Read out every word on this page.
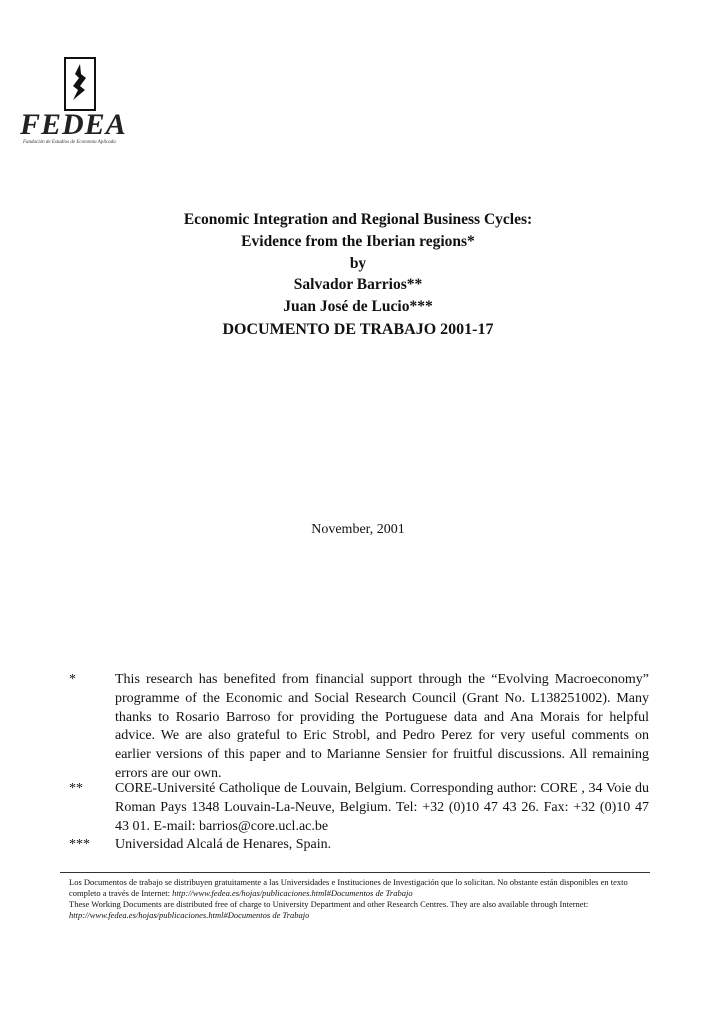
FEDEA
Fundación de Estudios de Economía Aplicada
Economic Integration and Regional Business Cycles:
Evidence from the Iberian regions*
by
Salvador Barrios**
Juan José de Lucio***
DOCUMENTO DE TRABAJO 2001-17
November, 2001
*	This research has benefited from financial support through the “Evolving Macroeconomy” programme of the Economic and Social Research Council (Grant No. L138251002). Many thanks to Rosario Barroso for providing the Portuguese data and Ana Morais for helpful advice. We are also grateful to Eric Strobl, and Pedro Perez for very useful comments on earlier versions of this paper and to Marianne Sensier for fruitful discussions. All remaining errors are our own.
** CORE-Université Catholique de Louvain, Belgium. Corresponding author: CORE , 34 Voie du Roman Pays 1348 Louvain-La-Neuve, Belgium. Tel: +32 (0)10 47 43 26. Fax: +32 (0)10 47 43 01. E-mail: barrios@core.ucl.ac.be
*** Universidad Alcalá de Henares, Spain.

Los Documentos de trabajo se distribuyen gratuitamente a las Universidades e Instituciones de Investigación que lo solicitan. No obstante están disponibles en texto completo a través de Internet: http://www.fedea.es/hojas/publicaciones.html#Documentos de Trabajo

These Working Documents are distributed free of charge to University Department and other Research Centres. They are also available through Internet: http://www.fedea.es/hojas/publicaciones.html#Documentos de Trabajo
